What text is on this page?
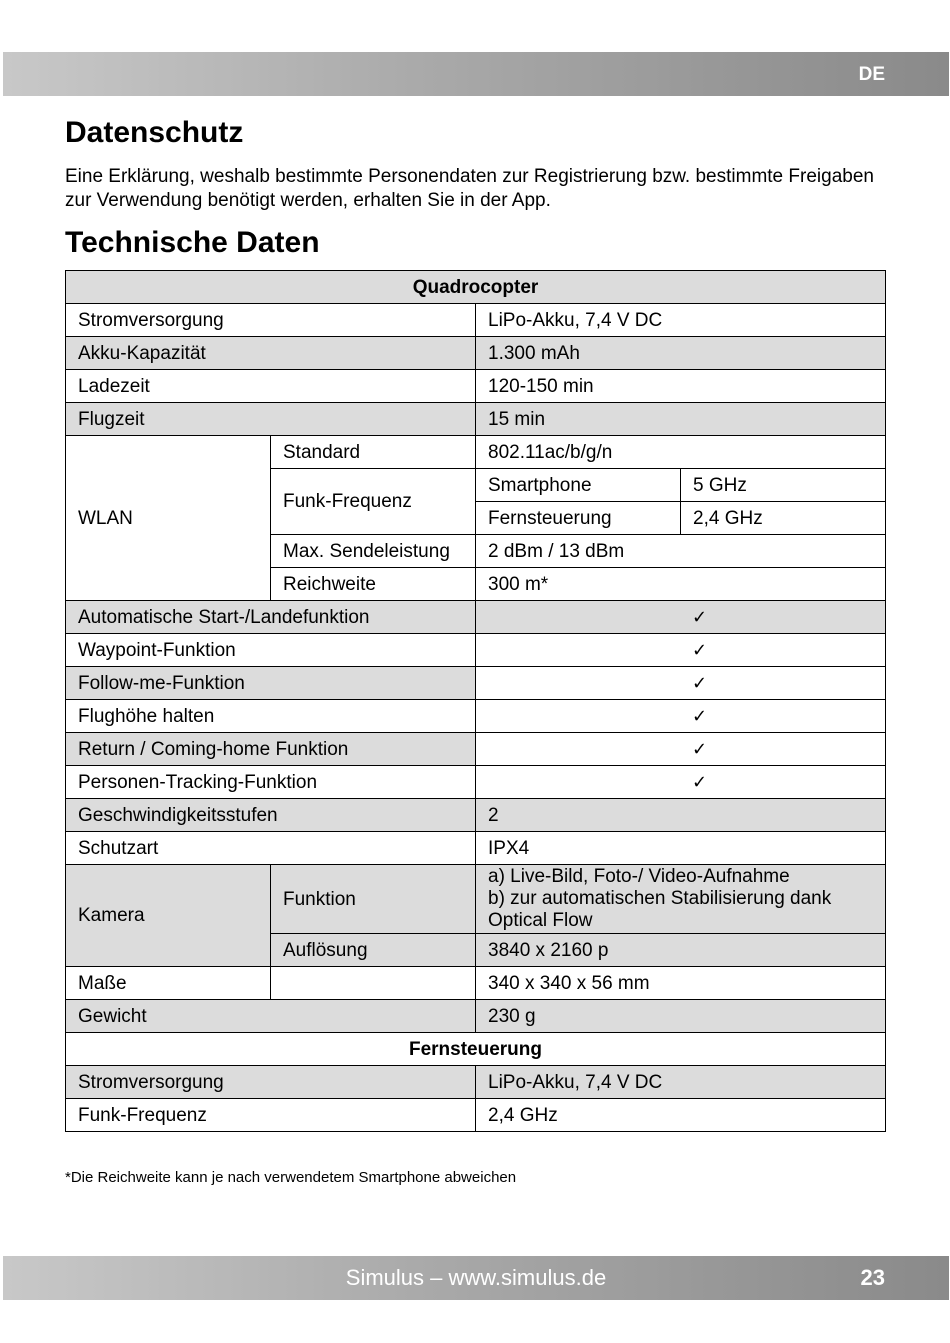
DE
Datenschutz

Eine Erklärung, weshalb bestimmte Personendaten zur Registrierung bzw. bestimmte Freigaben zur Verwendung benötigt werden, erhalten Sie in der App.

Technische Daten
Quadrocopter			
Stromversorgung		LiPo-Akku, 7,4 V DC	
Akku-Kapazität		1.300 mAh	
Ladezeit		120-150 min	
Flugzeit		15 min	
WLAN	Standard	802.11ac/b/g/n	
	Funk-Frequenz	Smartphone	5 GHz
		Fernsteuerung	2,4 GHz
	Max. Sendeleistung	2 dBm / 13 dBm	
	Reichweite	300 m*	
Automatische Start-/Landefunktion		✓	
Waypoint-Funktion		✓	
Follow-me-Funktion		✓	
Flughöhe halten		✓	
Return / Coming-home Funktion		✓	
Personen-Tracking-Funktion		✓	
Geschwindigkeitsstufen		2	
Schutzart		IPX4	
Kamera	Funktion	a) Live-Bild, Foto-/ Video-Aufnahme
b) zur automatischen Stabilisierung dank
Optical Flow	

	Auflösung	3840 x 2160 p	
Maße		340 x 340 x 56 mm	
Gewicht		230 g	
Fernsteuerung			
Stromversorgung		LiPo-Akku, 7,4 V DC	
Funk-Frequenz		2,4 GHz	

*Die Reichweite kann je nach verwendetem Smartphone abweichen

Simulus – www.simulus.de	23
